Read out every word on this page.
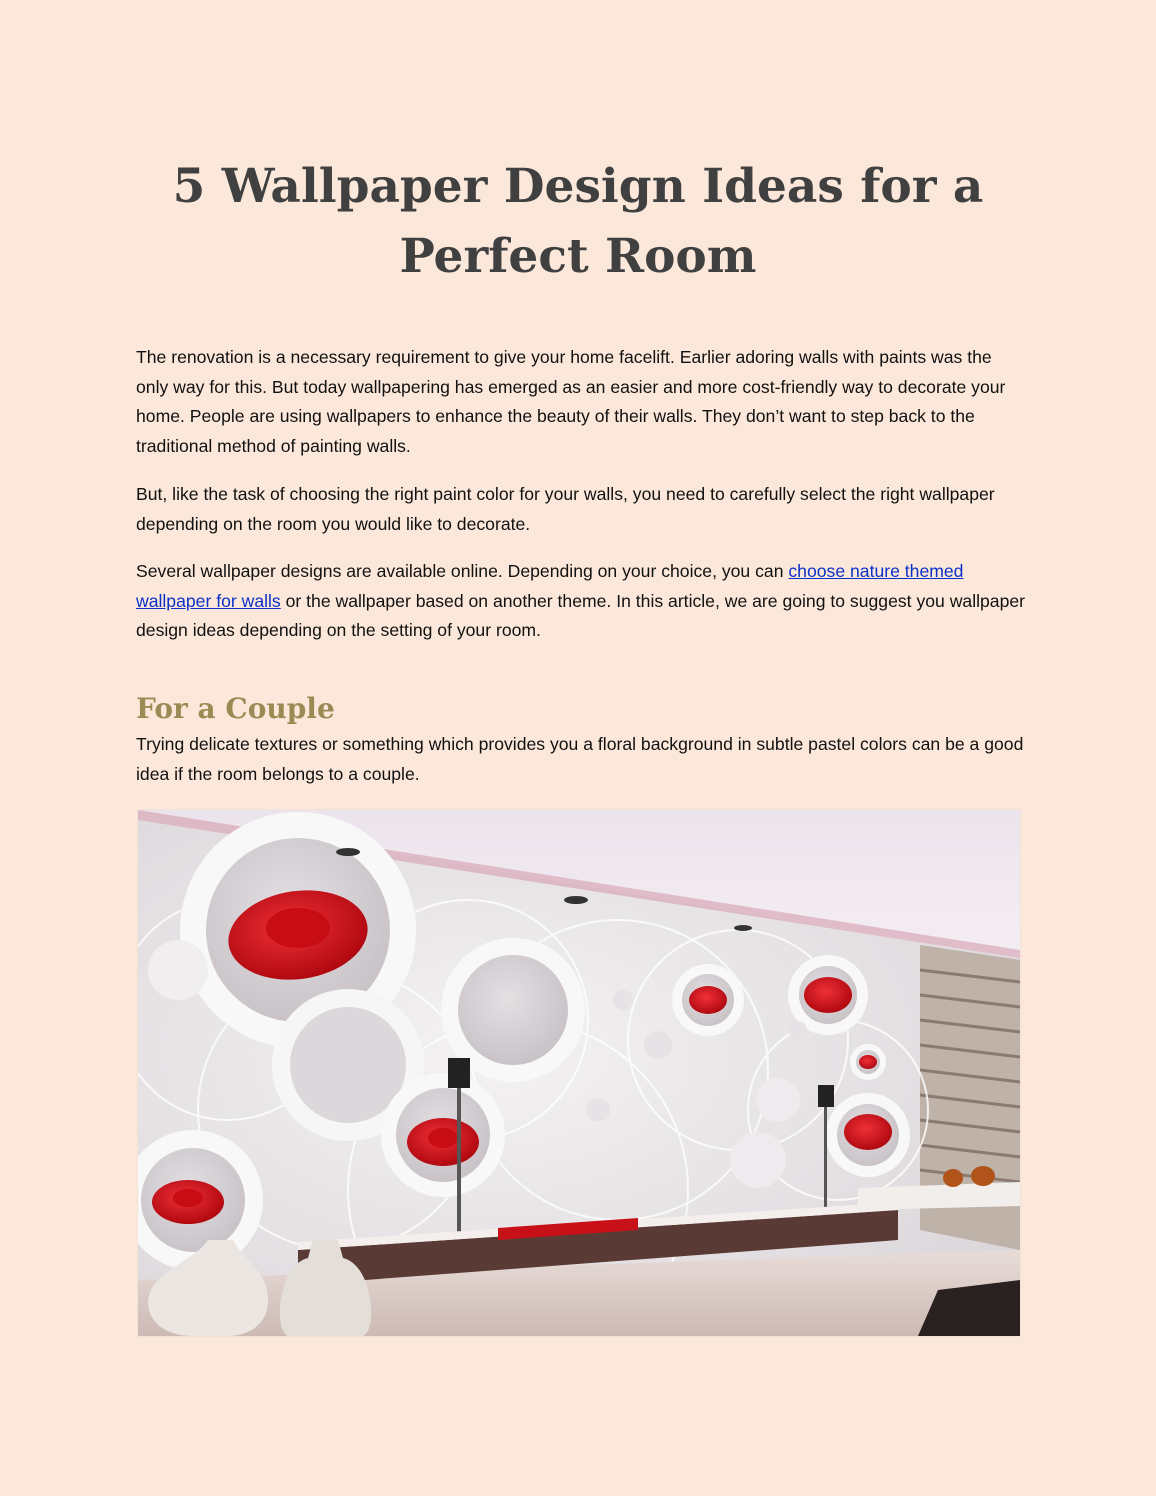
5 Wallpaper Design Ideas for a
Perfect Room

The renovation is a necessary requirement to give your home facelift. Earlier adoring walls with paints was the only way for this. But today wallpapering has emerged as an easier and more cost-friendly way to decorate your home. People are using wallpapers to enhance the beauty of their walls. They don’t want to step back to the traditional method of painting walls.

But, like the task of choosing the right paint color for your walls, you need to carefully select the right wallpaper depending on the room you would like to decorate.

Several wallpaper designs are available online. Depending on your choice, you can choose nature themed wallpaper for walls or the wallpaper based on another theme. In this article, we are going to suggest you wallpaper design ideas depending on the setting of your room.

For a Couple

Trying delicate textures or something which provides you a floral background in subtle pastel colors can be a good idea if the room belongs to a couple.
